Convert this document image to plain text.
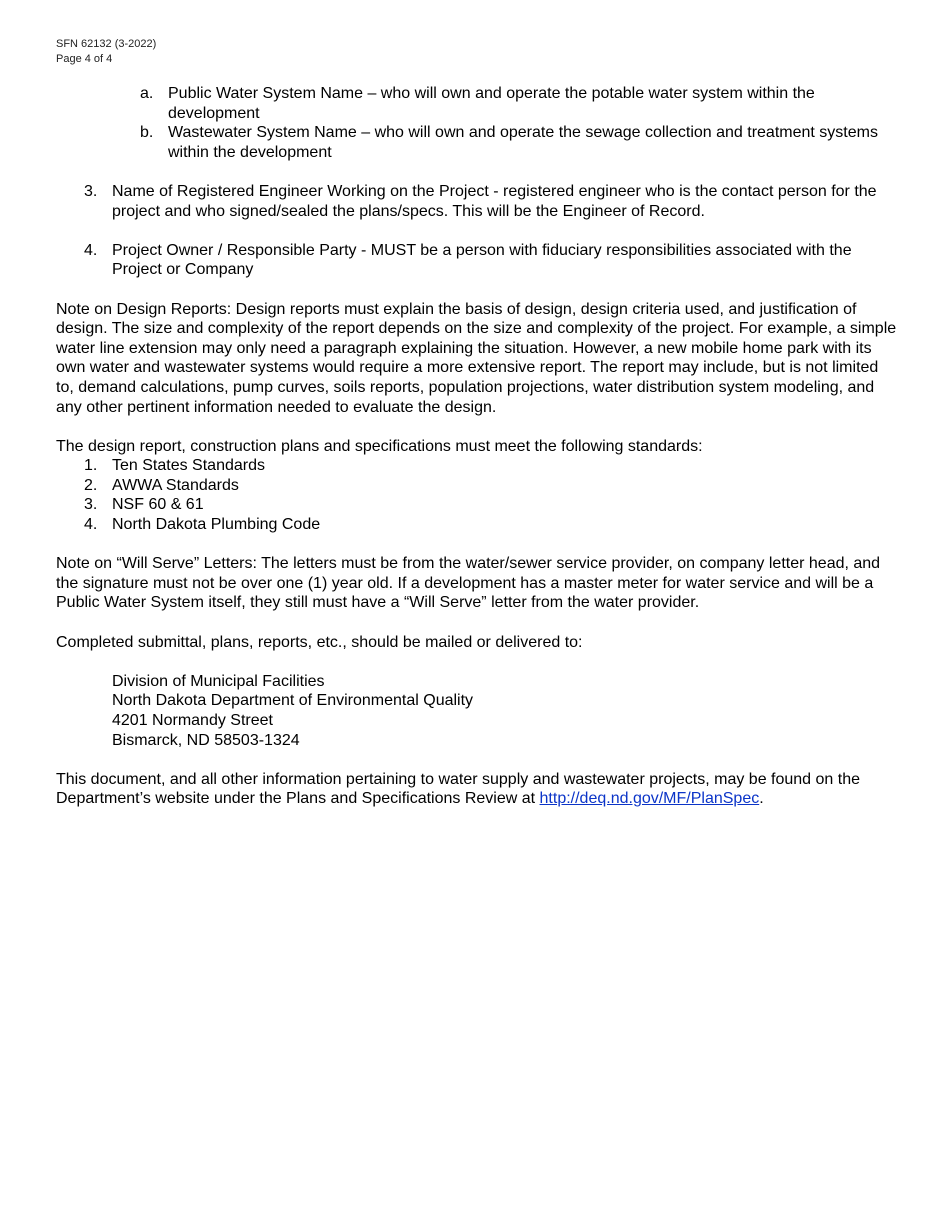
SFN 62132 (3-2022)
Page 4 of 4
a. Public Water System Name – who will own and operate the potable water system within the development
b. Wastewater System Name – who will own and operate the sewage collection and treatment systems within the development
3. Name of Registered Engineer Working on the Project - registered engineer who is the contact person for the project and who signed/sealed the plans/specs. This will be the Engineer of Record.
4. Project Owner / Responsible Party - MUST be a person with fiduciary responsibilities associated with the Project or Company

Note on Design Reports: Design reports must explain the basis of design, design criteria used, and justification of design. The size and complexity of the report depends on the size and complexity of the project. For example, a simple water line extension may only need a paragraph explaining the situation. However, a new mobile home park with its own water and wastewater systems would require a more extensive report. The report may include, but is not limited to, demand calculations, pump curves, soils reports, population projections, water distribution system modeling, and any other pertinent information needed to evaluate the design.

The design report, construction plans and specifications must meet the following standards:

1. Ten States Standards
2. AWWA Standards
3. NSF 60 & 61
4. North Dakota Plumbing Code

Note on “Will Serve” Letters: The letters must be from the water/sewer service provider, on company letter head, and the signature must not be over one (1) year old. If a development has a master meter for water service and will be a Public Water System itself, they still must have a “Will Serve” letter from the water provider.

Completed submittal, plans, reports, etc., should be mailed or delivered to:

Division of Municipal Facilities
North Dakota Department of Environmental Quality
4201 Normandy Street
Bismarck, ND 58503-1324

This document, and all other information pertaining to water supply and wastewater projects, may be found on the Department’s website under the Plans and Specifications Review at http://deq.nd.gov/MF/PlanSpec.
